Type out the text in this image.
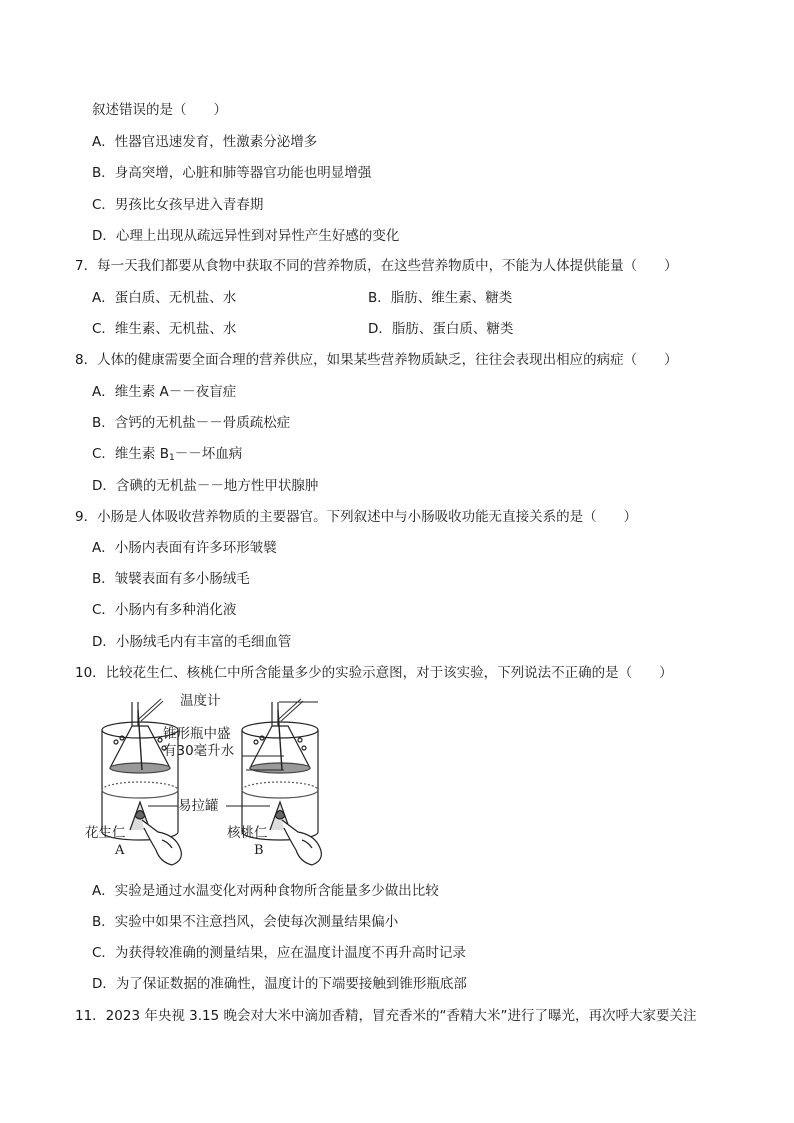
叙述错误的是（　　）
A．性器官迅速发育，性激素分泌增多
B．身高突增，心脏和肺等器官功能也明显增强
C．男孩比女孩早进入青春期
D．心理上出现从疏远异性到对异性产生好感的变化
7．每一天我们都要从食物中获取不同的营养物质，在这些营养物质中，不能为人体提供能量（　　）
A．蛋白质、无机盐、水	B．脂肪、维生素、糖类
C．维生素、无机盐、水	D．脂肪、蛋白质、糖类
8．人体的健康需要全面合理的营养供应，如果某些营养物质缺乏，往往会表现出相应的病症（　　）
A．维生素 A－－夜盲症
B．含钙的无机盐－－骨质疏松症
C．维生素 $B_1--$坏血病
D．含碘的无机盐－－地方性甲状腺肿
9．小肠是人体吸收营养物质的主要器官。下列叙述中与小肠吸收功能无直接关系的是（　　）
A．小肠内表面有许多环形皱襞
B．皱襞表面有多小肠绒毛
C．小肠内有多种消化液
D．小肠绒毛内有丰富的毛细血管
10．比较花生仁、核桃仁中所含能量多少的实验示意图，对于该实验，下列说法不正确的是（　　）
温度计
锥形瓶中盛
有30毫升水
易拉罐
花生仁	核桃仁
A	B
A．实验是通过水温变化对两种食物所含能量多少做出比较
B．实验中如果不注意挡风，会使每次测量结果偏小
C．为获得较准确的测量结果，应在温度计温度不再升高时记录
D．为了保证数据的准确性，温度计的下端要接触到锥形瓶底部
11．2023 年央视 3.15 晚会对大米中滴加香精，冒充香米的“香精大米”进行了曝光，再次呼大家要关注
